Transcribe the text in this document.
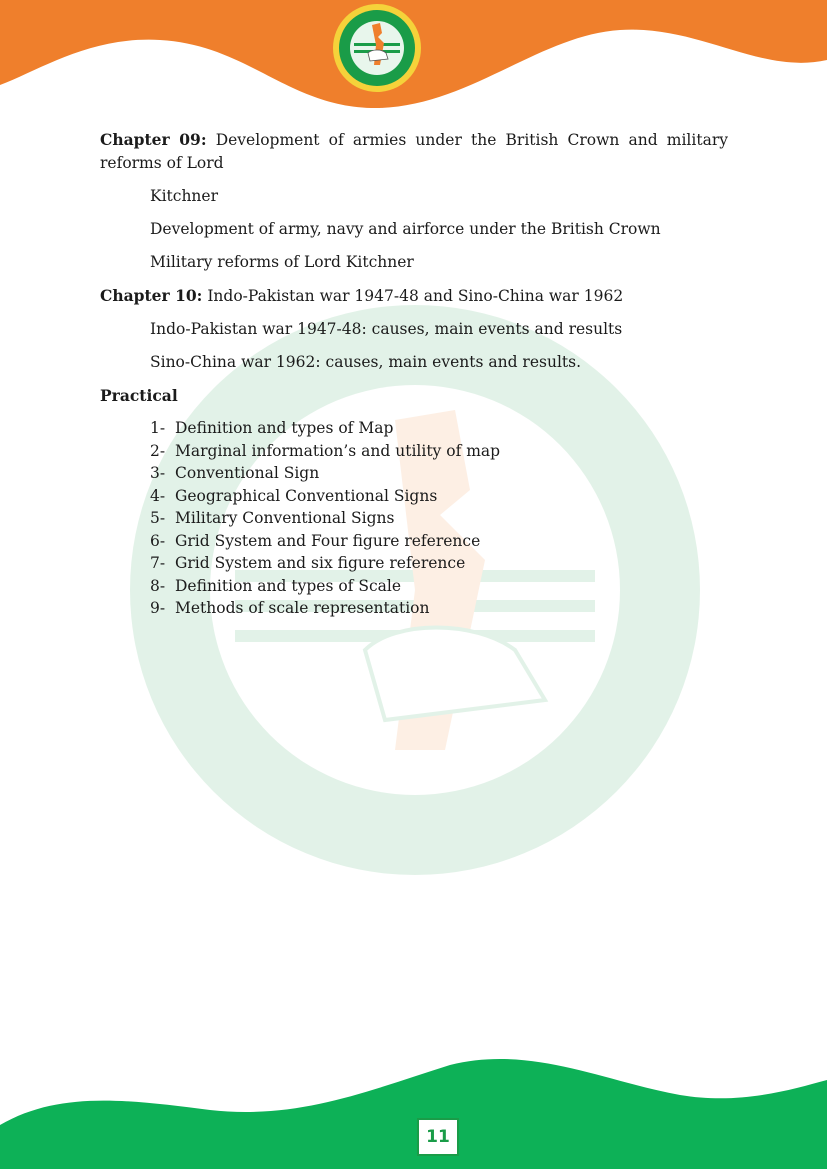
Chapter 09: Development of armies under the British Crown and military reforms of Lord
Kitchner
Development of army, navy and airforce under the British Crown
Military reforms of Lord Kitchner
Chapter 10: Indo-Pakistan war 1947-48 and Sino-China war 1962
Indo-Pakistan war 1947-48: causes, main events and results
Sino-China war 1962: causes, main events and results.
Practical
1- Definition and types of Map
2- Marginal information’s and utility of map
3- Conventional Sign
4- Geographical Conventional Signs
5- Military Conventional Signs
6- Grid System and Four figure reference
7- Grid System and six figure reference
8- Definition and types of Scale
9- Methods of scale representation
11
